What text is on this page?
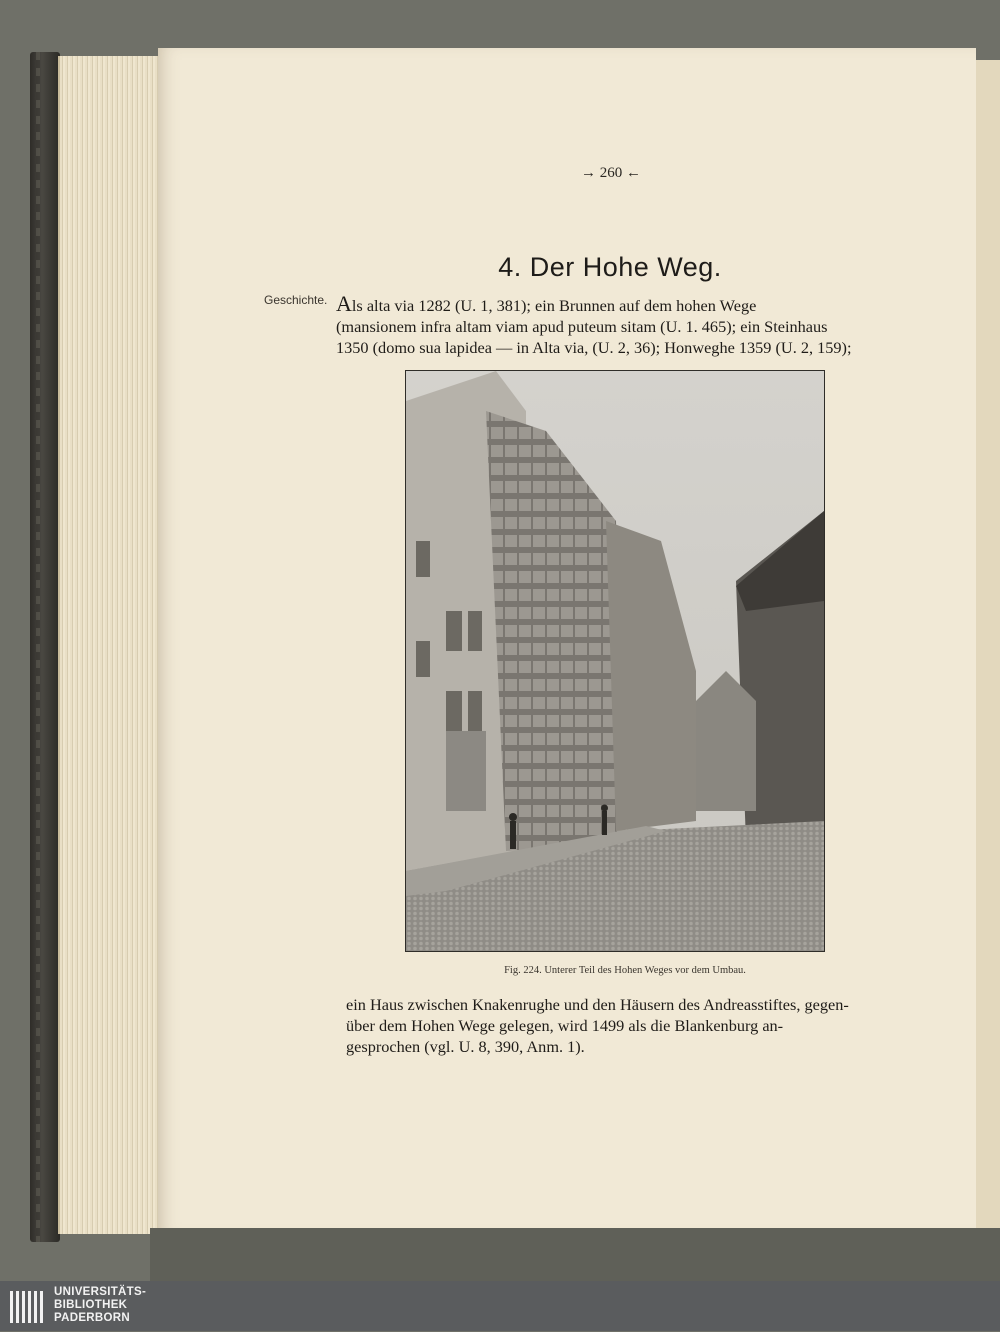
→ 260 ←
4. Der Hohe Weg.
Geschichte. Als alta via 1282 (U. 1, 381); ein Brunnen auf dem hohen Wege
(mansionem infra altam viam apud puteum sitam (U. 1. 465); ein Steinhaus
1350 (domo sua lapidea — in Alta via, (U. 2, 36); Honweghe 1359 (U. 2, 159);
Fig. 224. Unterer Teil des Hohen Weges vor dem Umbau.
ein Haus zwischen Knakenrughe und den Häusern des Andreasstiftes, gegen-
über dem Hohen Wege gelegen, wird 1499 als die Blankenburg an-
gesprochen (vgl. U. 8, 390, Anm. 1).
UNIVERSITÄTS-
BIBLIOTHEK
PADERBORN
